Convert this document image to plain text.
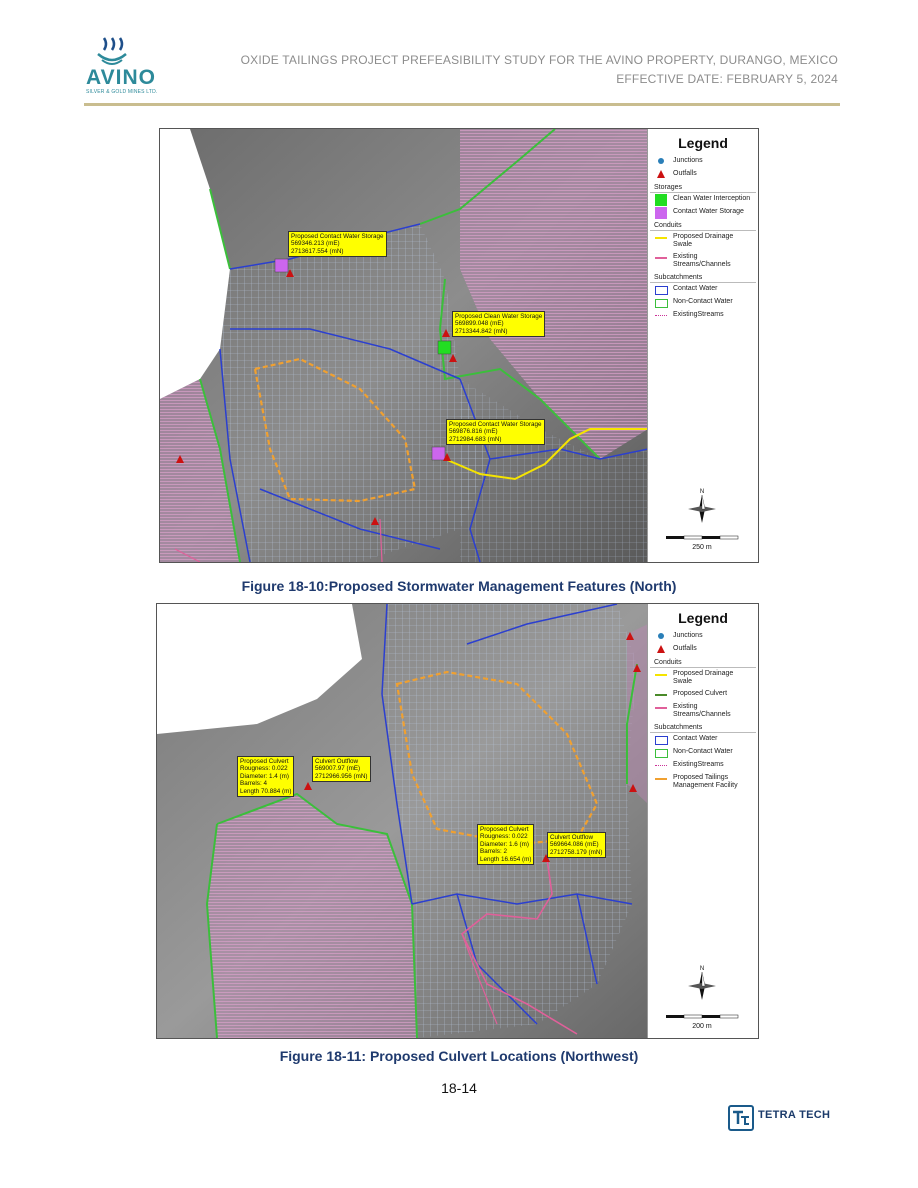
AVINO
SILVER & GOLD MINES LTD.
OXIDE TAILINGS PROJECT PREFEASIBILITY STUDY FOR THE AVINO PROPERTY, DURANGO, MEXICO
EFFECTIVE DATE: FEBRUARY 5, 2024
Proposed Contact Water Storage
569346.213 (mE)
2713617.554 (mN)
Proposed Clean Water Storage
569899.048 (mE)
2713344.842 (mN)
Proposed Contact Water Storage
569876.816 (mE)
2712984.683 (mN)
Legend
Junctions
Outfalls
Storages
Clean Water Interception
Contact Water Storage
Conduits
Proposed Drainage Swale
Existing Streams/Channels
Subcatchments
Contact Water
Non-Contact Water
ExistingStreams
N
250 m
Figure 18-10:Proposed Stormwater Management Features (North)
Proposed Culvert
Rougness: 0.022
Diameter: 1.4 (m)
Barrels: 4
Length 70.884 (m)
Culvert Outflow
569007.97 (mE)
2712966.956 (mN)
Proposed Culvert
Rougness: 0.022
Diameter: 1.6 (m)
Barrels: 2
Length 16.654 (m)
Culvert Outflow
569664.086 (mE)
2712758.179 (mN)
Legend
Junctions
Outfalls
Conduits
Proposed Drainage Swale
Proposed Culvert
Existing Streams/Channels
Subcatchments
Contact Water
Non-Contact Water
ExistingStreams
Proposed Tailings Management Facility
N
200 m
Figure 18-11: Proposed Culvert Locations (Northwest)
18-14
TETRA TECH
